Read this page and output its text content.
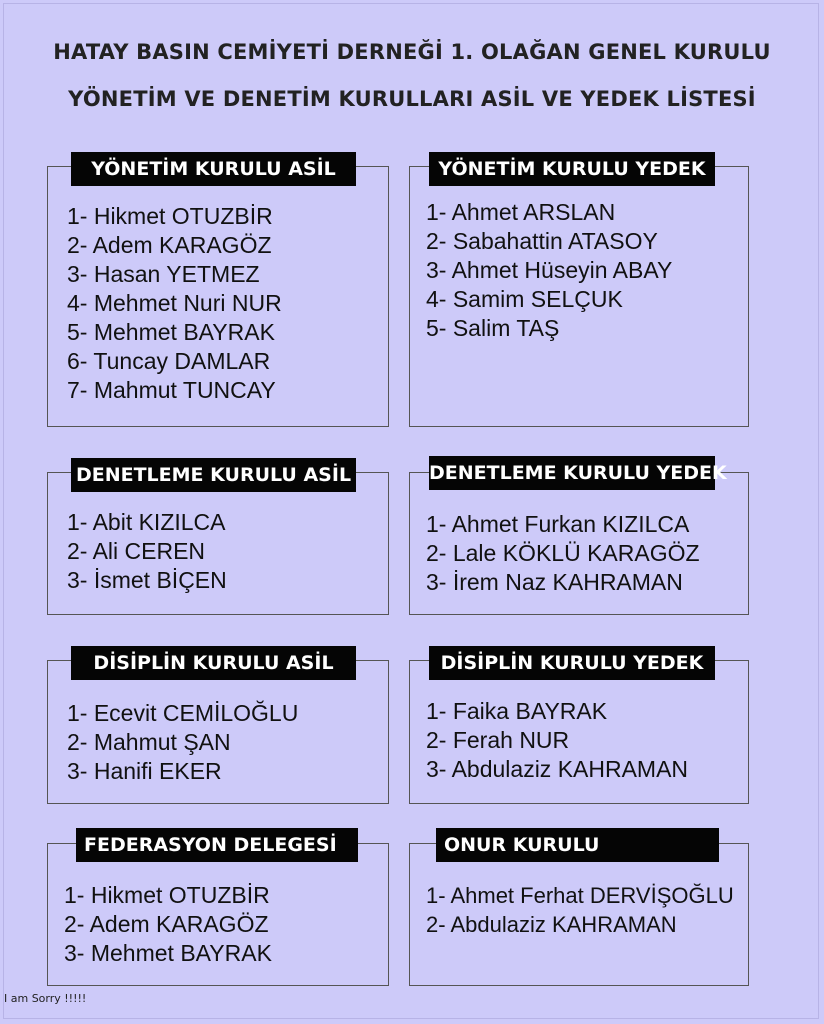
HATAY BASIN CEMİYETİ DERNEĞİ 1. OLAĞAN GENEL KURULU
YÖNETİM VE DENETİM KURULLARI ASİL VE YEDEK LİSTESİ
YÖNETİM KURULU ASİL
1- Hikmet OTUZBİR
2- Adem KARAGÖZ
3- Hasan YETMEZ
4- Mehmet Nuri NUR
5- Mehmet BAYRAK
6- Tuncay DAMLAR
7- Mahmut TUNCAY
YÖNETİM KURULU YEDEK
1- Ahmet ARSLAN
2- Sabahattin ATASOY
3- Ahmet Hüseyin ABAY
4- Samim SELÇUK
5- Salim TAŞ
DENETLEME KURULU ASİL
1- Abit KIZILCA
2- Ali CEREN
3- İsmet BİÇEN
DENETLEME KURULU YEDEK
1- Ahmet Furkan KIZILCA
2- Lale KÖKLÜ KARAGÖZ
3- İrem Naz KAHRAMAN
DİSİPLİN KURULU ASİL
1- Ecevit CEMİLOĞLU
2- Mahmut ŞAN
3- Hanifi EKER
DİSİPLİN KURULU YEDEK
1- Faika BAYRAK
2- Ferah NUR
3- Abdulaziz KAHRAMAN
FEDERASYON DELEGESİ
1- Hikmet OTUZBİR
2- Adem KARAGÖZ
3- Mehmet BAYRAK
ONUR KURULU
1- Ahmet Ferhat DERVİŞOĞLU
2- Abdulaziz KAHRAMAN
I am Sorry !!!!!
